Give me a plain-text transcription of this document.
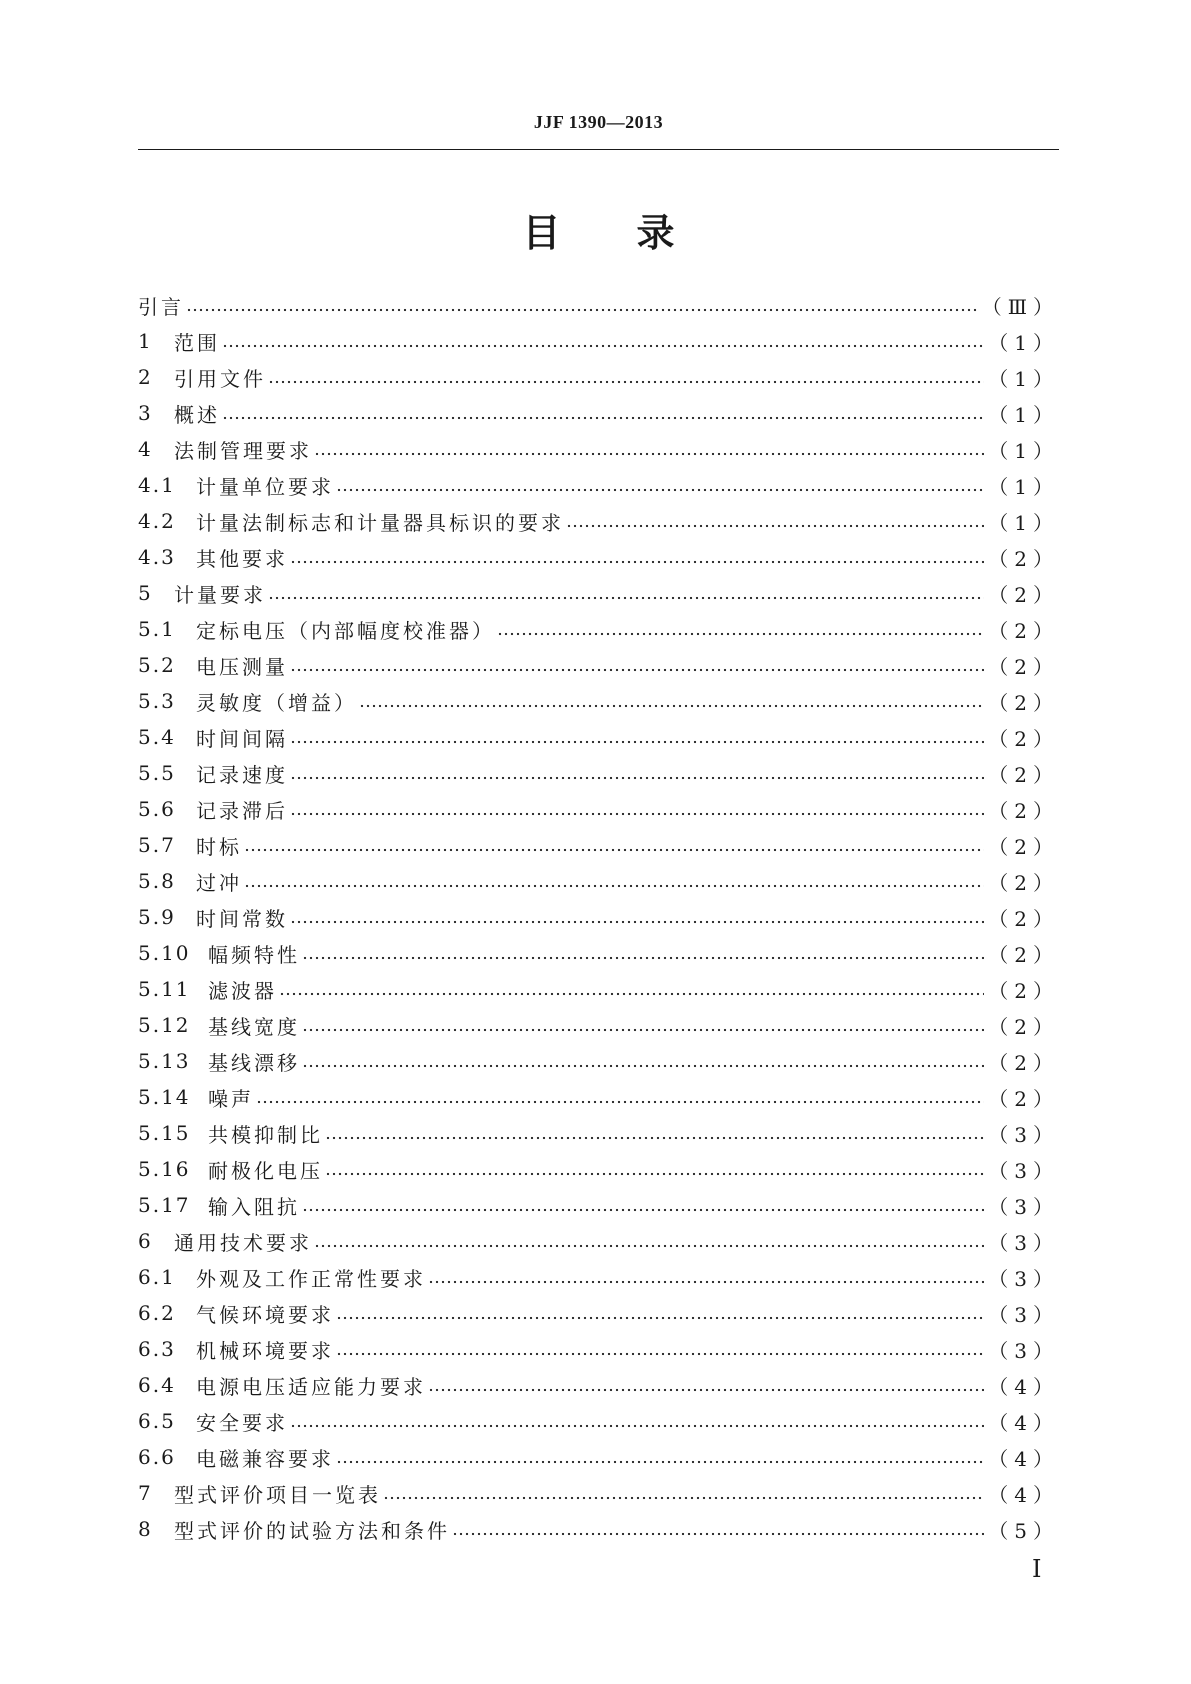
JJF 1390—2013
目 录
引言	（Ⅲ）
1	范围	（1）
2	引用文件	（1）
3	概述	（1）
4	法制管理要求	（1）
4.1	计量单位要求	（1）
4.2	计量法制标志和计量器具标识的要求	（1）
4.3	其他要求	（2）
5	计量要求	（2）
5.1	定标电压（内部幅度校准器）	（2）
5.2	电压测量	（2）
5.3	灵敏度（增益）	（2）
5.4	时间间隔	（2）
5.5	记录速度	（2）
5.6	记录滞后	（2）
5.7	时标	（2）
5.8	过冲	（2）
5.9	时间常数	（2）
5.10 幅频特性	（2）
5.11 滤波器	（2）
5.12 基线宽度	（2）
5.13 基线漂移	（2）
5.14 噪声	（2）
5.15 共模抑制比	（3）
5.16 耐极化电压	（3）
5.17 输入阻抗	（3）
6	通用技术要求	（3）
6.1	外观及工作正常性要求	（3）
6.2	气候环境要求	（3）
6.3	机械环境要求	（3）
6.4	电源电压适应能力要求	（4）
6.5	安全要求	（4）
6.6	电磁兼容要求	（4）
7	型式评价项目一览表	（4）
8	型式评价的试验方法和条件	（5）
Ⅰ
